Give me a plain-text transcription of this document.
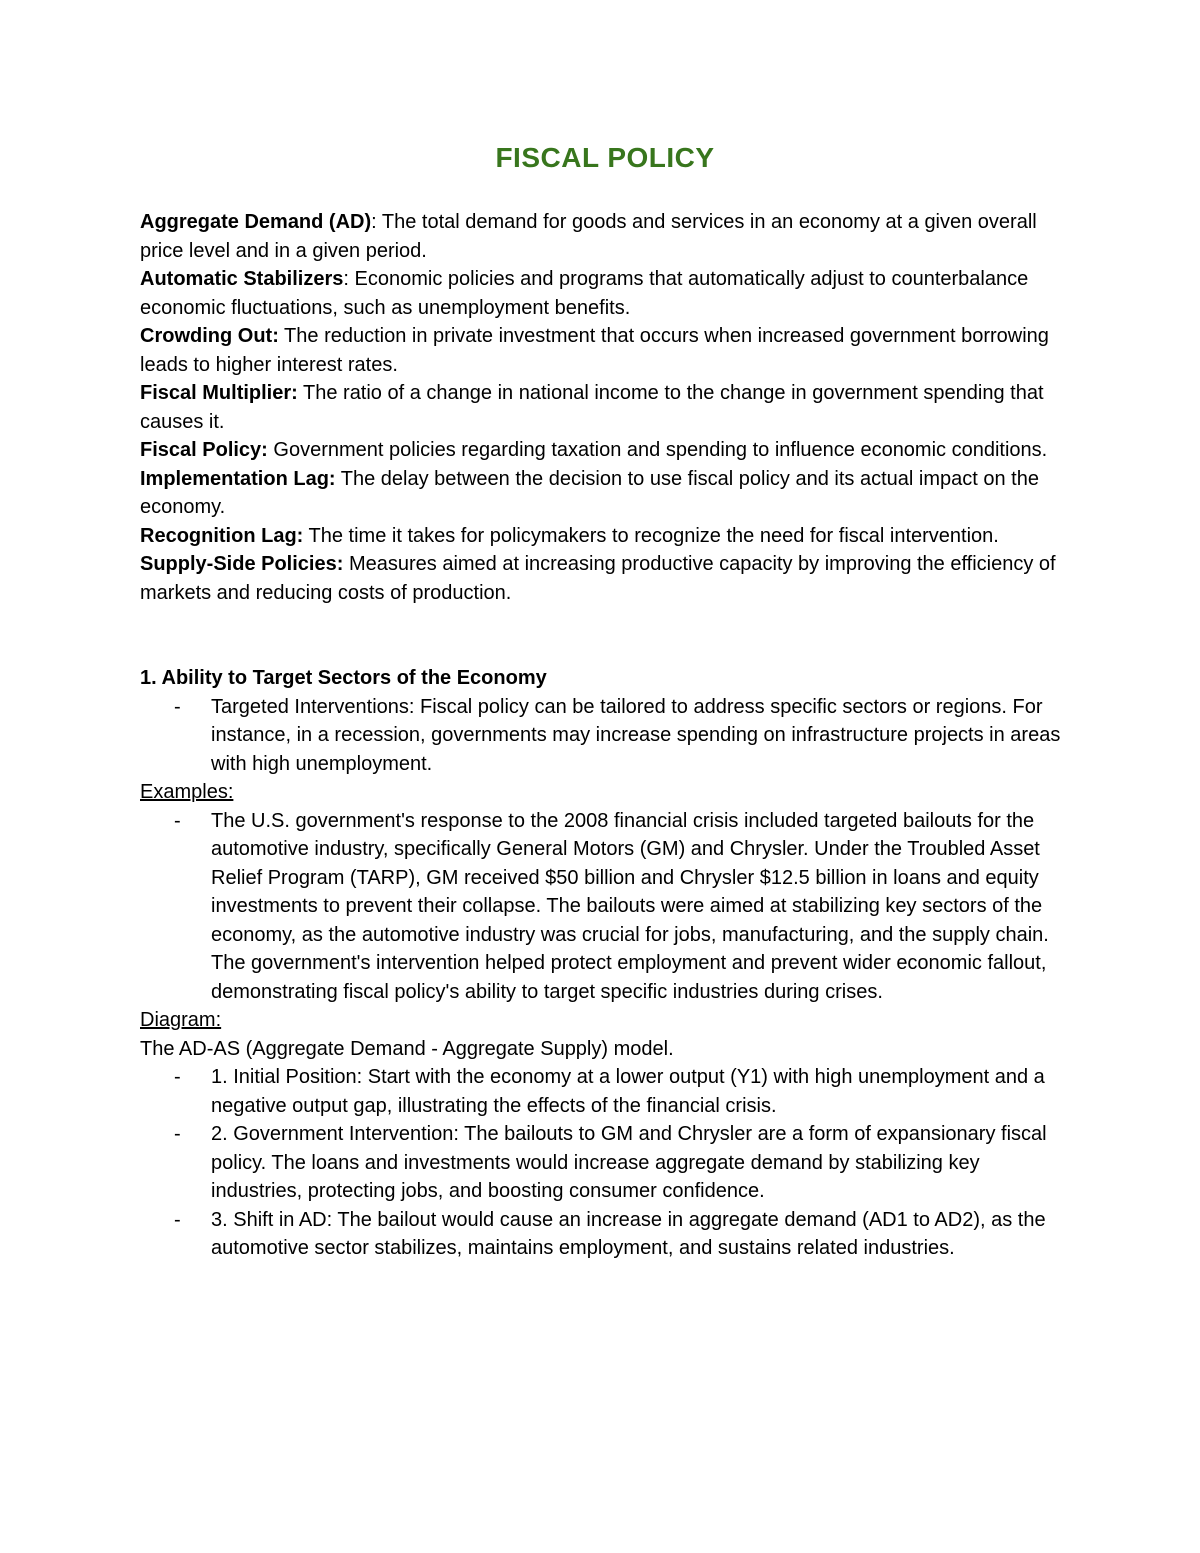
FISCAL POLICY

Aggregate Demand (AD): The total demand for goods and services in an economy at a given overall price level and in a given period.

Automatic Stabilizers: Economic policies and programs that automatically adjust to counterbalance economic fluctuations, such as unemployment benefits.

Crowding Out: The reduction in private investment that occurs when increased government borrowing leads to higher interest rates.

Fiscal Multiplier: The ratio of a change in national income to the change in government spending that causes it.

Fiscal Policy: Government policies regarding taxation and spending to influence economic conditions.

Implementation Lag: The delay between the decision to use fiscal policy and its actual impact on the economy.

Recognition Lag: The time it takes for policymakers to recognize the need for fiscal intervention.

Supply-Side Policies: Measures aimed at increasing productive capacity by improving the efficiency of markets and reducing costs of production.

1. Ability to Target Sectors of the Economy

- Targeted Interventions: Fiscal policy can be tailored to address specific sectors or regions. For instance, in a recession, governments may increase spending on infrastructure projects in areas with high unemployment.

Examples:

- The U.S. government's response to the 2008 financial crisis included targeted bailouts for the automotive industry, specifically General Motors (GM) and Chrysler. Under the Troubled Asset Relief Program (TARP), GM received $50 billion and Chrysler $12.5 billion in loans and equity investments to prevent their collapse. The bailouts were aimed at stabilizing key sectors of the economy, as the automotive industry was crucial for jobs, manufacturing, and the supply chain. The government's intervention helped protect employment and prevent wider economic fallout, demonstrating fiscal policy's ability to target specific industries during crises.

Diagram:

The AD-AS (Aggregate Demand - Aggregate Supply) model.

- 1. Initial Position: Start with the economy at a lower output (Y1) with high unemployment and a negative output gap, illustrating the effects of the financial crisis.
- 2. Government Intervention: The bailouts to GM and Chrysler are a form of expansionary fiscal policy. The loans and investments would increase aggregate demand by stabilizing key industries, protecting jobs, and boosting consumer confidence.
- 3. Shift in AD: The bailout would cause an increase in aggregate demand (AD1 to AD2), as the automotive sector stabilizes, maintains employment, and sustains related industries.
